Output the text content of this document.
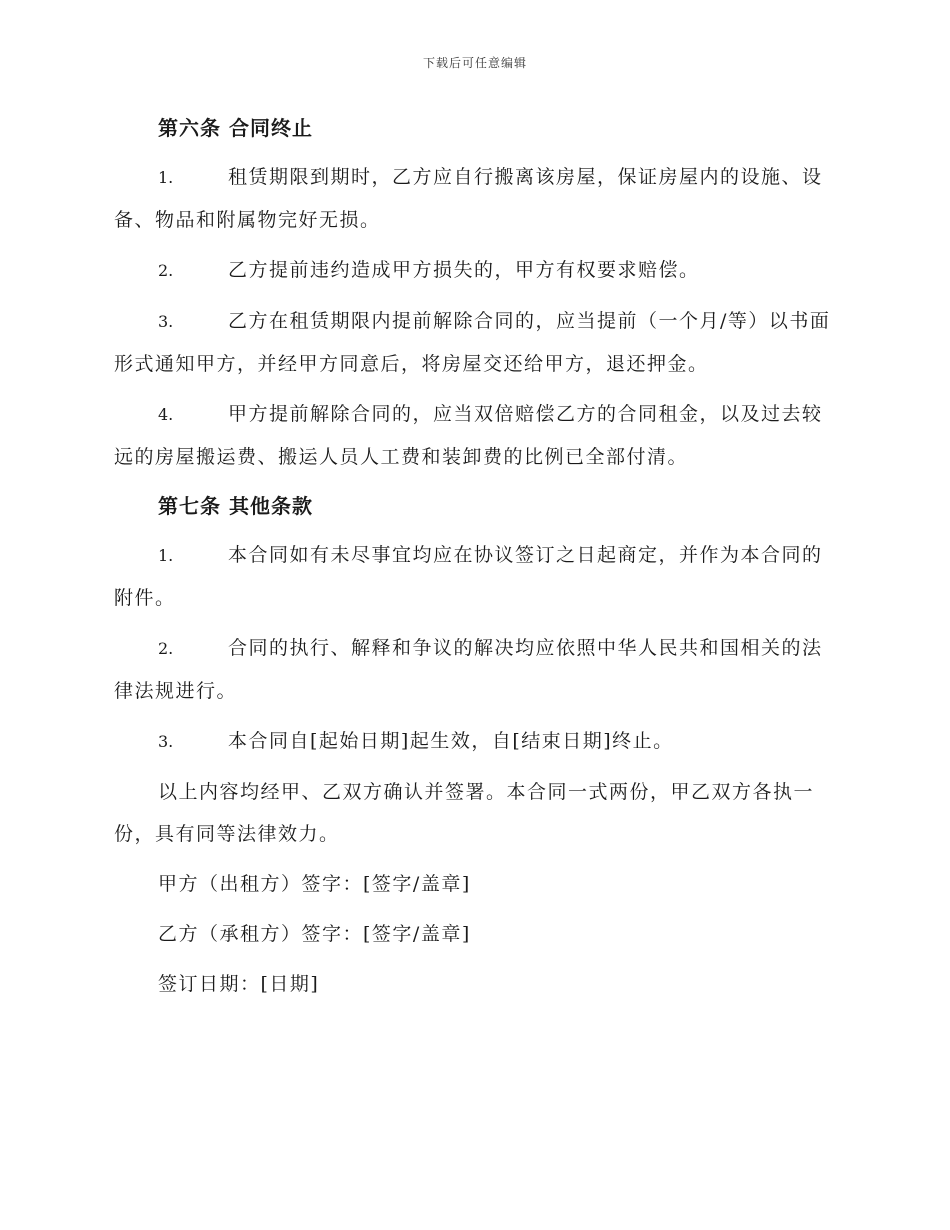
下载后可任意编辑
第六条 合同终止

1.	租赁期限到期时，乙方应自行搬离该房屋，保证房屋内的设施、设备、物品和附属物完好无损。

2.	乙方提前违约造成甲方损失的，甲方有权要求赔偿。

3.	乙方在租赁期限内提前解除合同的，应当提前（一个月/等）以书面形式通知甲方，并经甲方同意后，将房屋交还给甲方，退还押金。

4.	甲方提前解除合同的，应当双倍赔偿乙方的合同租金，以及过去较远的房屋搬运费、搬运人员人工费和装卸费的比例已全部付清。

第七条 其他条款

1.	本合同如有未尽事宜均应在协议签订之日起商定，并作为本合同的附件。

2.	合同的执行、解释和争议的解决均应依照中华人民共和国相关的法律法规进行。

3.	本合同自[起始日期]起生效，自[结束日期]终止。

以上内容均经甲、乙双方确认并签署。本合同一式两份，甲乙双方各执一份，具有同等法律效力。

甲方（出租方）签字：[签字/盖章]

乙方（承租方）签字：[签字/盖章]

签订日期：[日期]
